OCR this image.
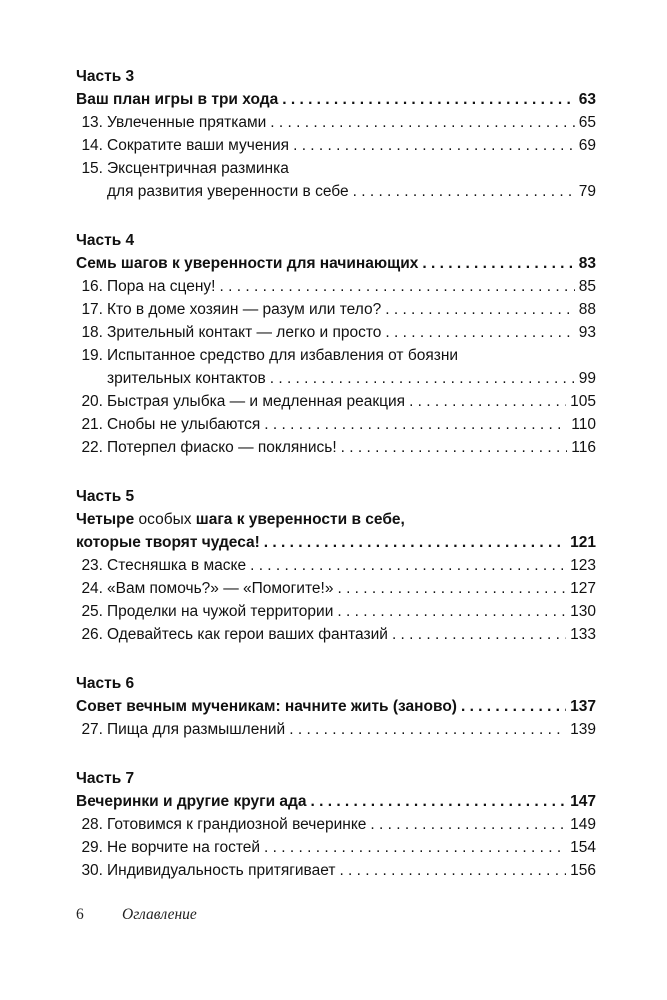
Часть 3
Ваш план игры в три хода . . .	63
13. Увлеченные прятками . . .	65
14. Сократите ваши мучения . . .	69
15. Эксцентричная разминка
для развития уверенности в себе . . .	79
Часть 4
Семь шагов к уверенности для начинающих . . .	83
16. Пора на сцену! . . .	85
17. Кто в доме хозяин — разум или тело? . . .	88
18. Зрительный контакт — легко и просто . . .	93
19. Испытанное средство для избавления от боязни
зрительных контактов . . .	99
20. Быстрая улыбка — и медленная реакция . . .	105
21. Снобы не улыбаются . . .	110
22. Потерпел фиаско — поклянись! . . .	116
Часть 5
Четыре особых шага к уверенности в себе,
которые творят чудеса! . . .	121
23. Стесняшка в маске . . .	123
24. «Вам помочь?» — «Помогите!» . . .	127
25. Проделки на чужой территории . . .	130
26. Одевайтесь как герои ваших фантазий . . .	133
Часть 6
Совет вечным мученикам: начните жить (заново) . . .	137
27. Пища для размышлений . . .	139
Часть 7
Вечеринки и другие круги ада . . .	147
28. Готовимся к грандиозной вечеринке . . .	149
29. Не ворчите на гостей . . .	154
30. Индивидуальность притягивает . . .	156
6 Оглавление
